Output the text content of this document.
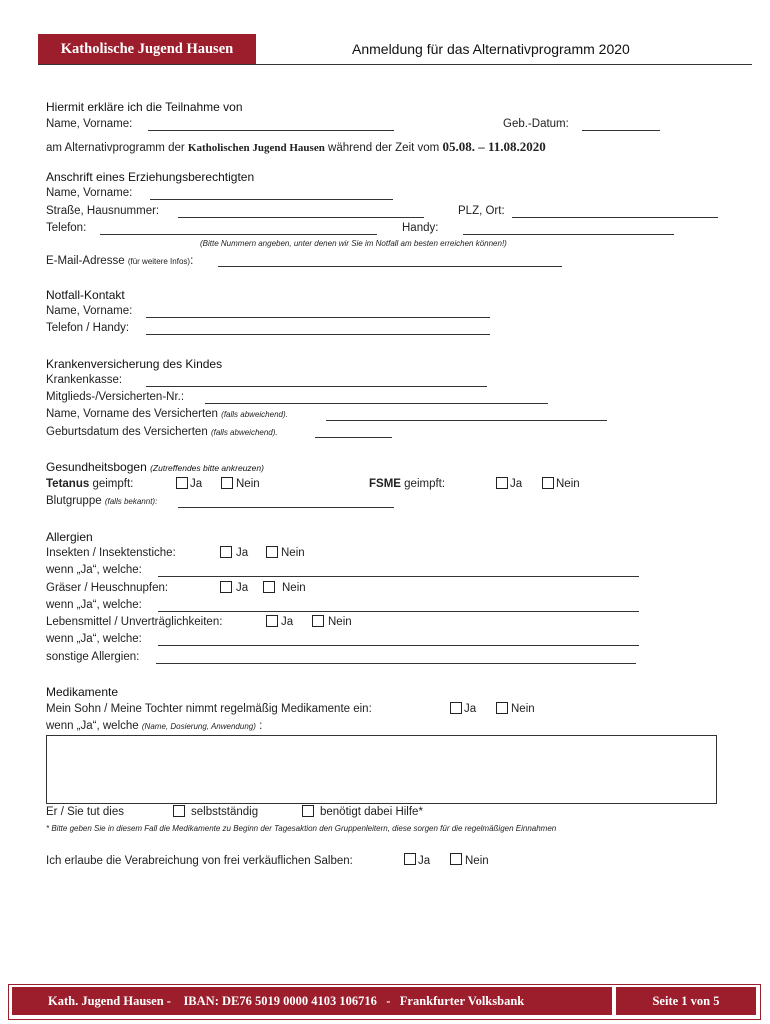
Katholische Jugend Hausen	Anmeldung für das Alternativprogramm 2020
Hiermit erkläre ich die Teilnahme von
Name, Vorname:	Geb.-Datum:
am Alternativprogramm der Katholischen Jugend Hausen während der Zeit vom 05.08. – 11.08.2020
Anschrift eines Erziehungsberechtigten
Name, Vorname:
Straße, Hausnummer:	PLZ, Ort:
Telefon:	Handy:
(Bitte Nummern angeben, unter denen wir Sie im Notfall am besten erreichen können!)
E-Mail-Adresse (für weitere Infos):
Notfall-Kontakt
Name, Vorname:
Telefon / Handy:
Krankenversicherung des Kindes
Krankenkasse:
Mitglieds-/Versicherten-Nr.:
Name, Vorname des Versicherten (falls abweichend).
Geburtsdatum des Versicherten (falls abweichend).
Gesundheitsbogen (Zutreffendes bitte ankreuzen)
Tetanus geimpft:	Ja	Nein	FSME geimpft:	Ja	Nein
Blutgruppe (falls bekannt):
Allergien
Insekten / Insektenstiche:	Ja	Nein
wenn „Ja“, welche:
Gräser / Heuschnupfen:	Ja	Nein
wenn „Ja“, welche:
Lebensmittel / Unverträglichkeiten:	Ja	Nein
wenn „Ja“, welche:
sonstige Allergien:
Medikamente
Mein Sohn / Meine Tochter nimmt regelmäßig Medikamente ein:	Ja	Nein
wenn „Ja“, welche (Name, Dosierung, Anwendung) :
Er / Sie tut dies	selbstständig	benötigt dabei Hilfe*
* Bitte geben Sie in diesem Fall die Medikamente zu Beginn der Tagesaktion den Gruppenleitern, diese sorgen für die regelmäßigen Einnahmen
Ich erlaube die Verabreichung von frei verkäuflichen Salben:	Ja	Nein
Kath. Jugend Hausen -    IBAN: DE76 5019 0000 4103 106716   -   Frankfurter Volksbank	Seite 1 von 5
